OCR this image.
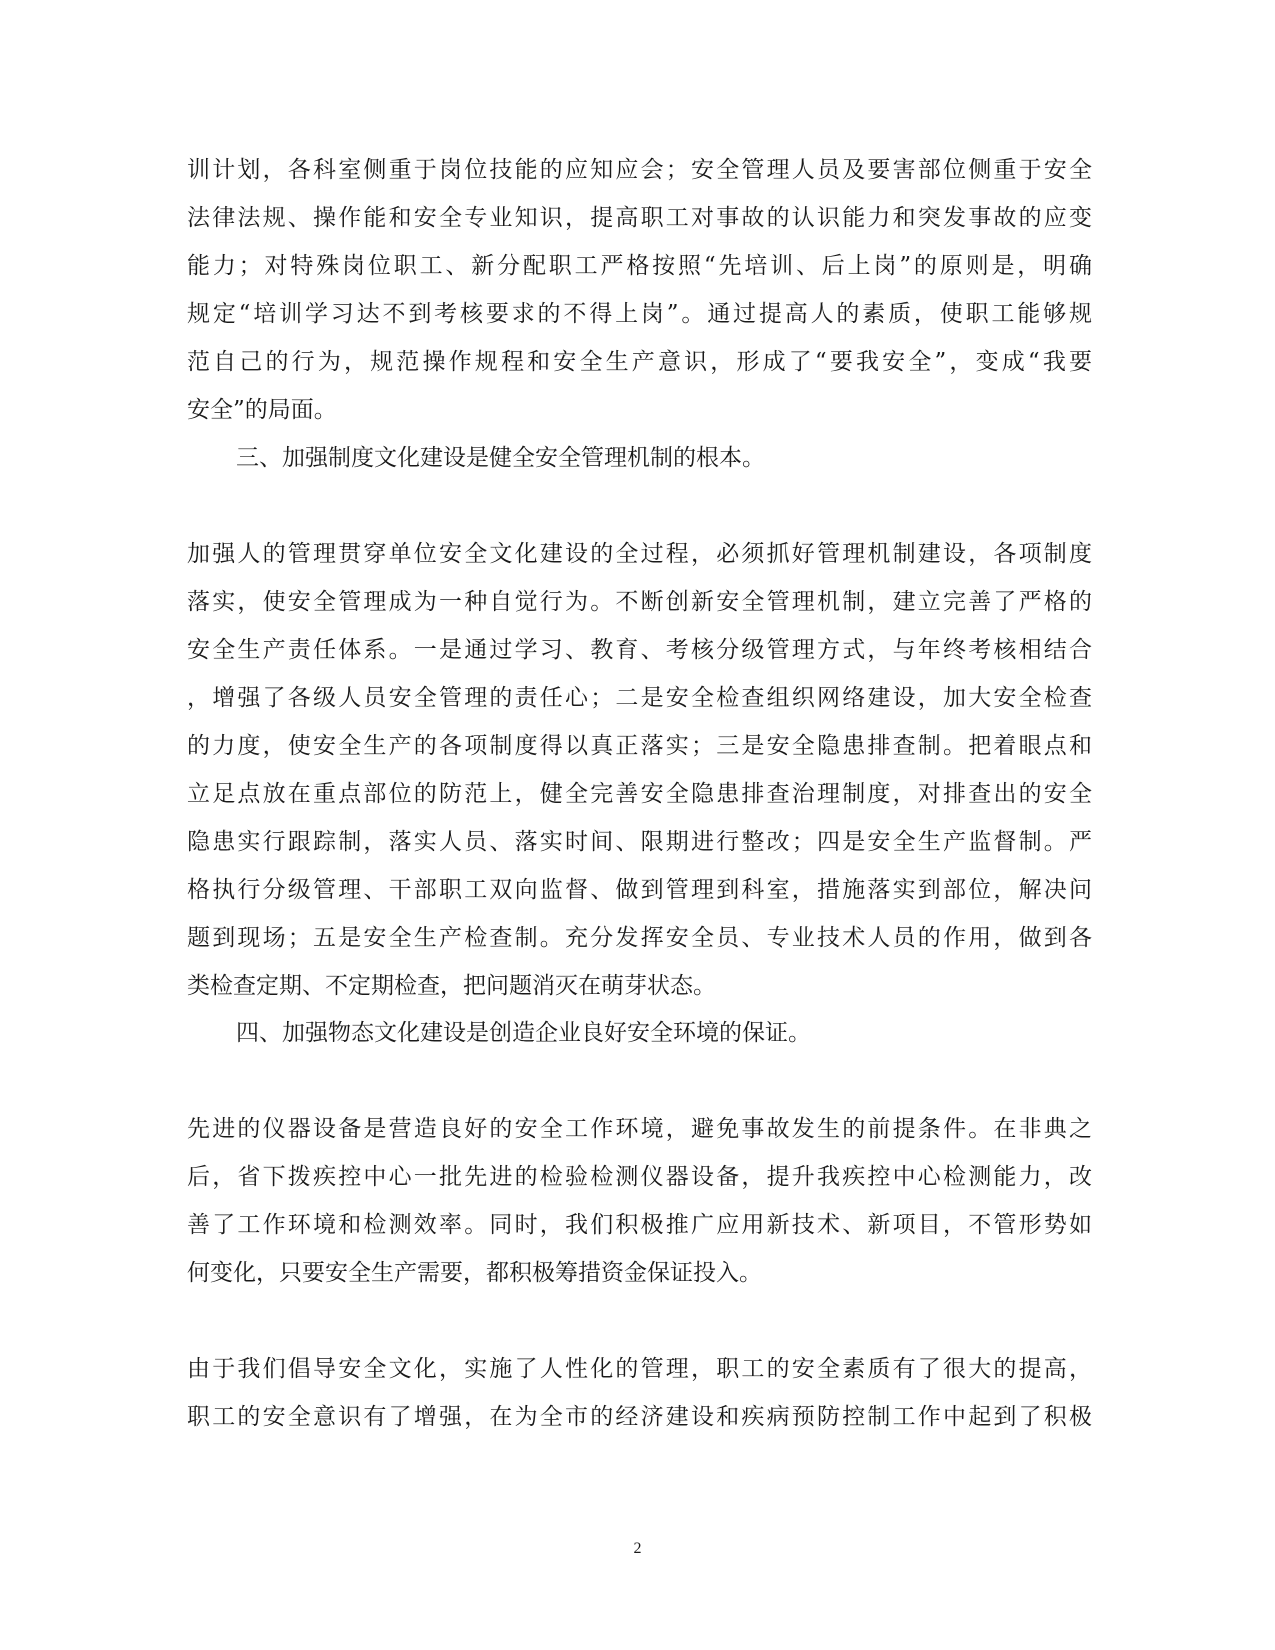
训计划，各科室侧重于岗位技能的应知应会；安全管理人员及要害部位侧重于安全
法律法规、操作能和安全专业知识，提高职工对事故的认识能力和突发事故的应变
能力；对特殊岗位职工、新分配职工严格按照“先培训、后上岗”的原则是，明确
规定“培训学习达不到考核要求的不得上岗”。通过提高人的素质，使职工能够规
范自己的行为，规范操作规程和安全生产意识，形成了“要我安全”，变成“我要
安全”的局面。
三、加强制度文化建设是健全安全管理机制的根本。
加强人的管理贯穿单位安全文化建设的全过程，必须抓好管理机制建设，各项制度
落实，使安全管理成为一种自觉行为。不断创新安全管理机制，建立完善了严格的
安全生产责任体系。一是通过学习、教育、考核分级管理方式，与年终考核相结合
，增强了各级人员安全管理的责任心；二是安全检查组织网络建设，加大安全检查
的力度，使安全生产的各项制度得以真正落实；三是安全隐患排查制。把着眼点和
立足点放在重点部位的防范上，健全完善安全隐患排查治理制度，对排查出的安全
隐患实行跟踪制，落实人员、落实时间、限期进行整改；四是安全生产监督制。严
格执行分级管理、干部职工双向监督、做到管理到科室，措施落实到部位，解决问
题到现场；五是安全生产检查制。充分发挥安全员、专业技术人员的作用，做到各
类检查定期、不定期检查，把问题消灭在萌芽状态。
四、加强物态文化建设是创造企业良好安全环境的保证。
先进的仪器设备是营造良好的安全工作环境，避免事故发生的前提条件。在非典之
后，省下拨疾控中心一批先进的检验检测仪器设备，提升我疾控中心检测能力，改
善了工作环境和检测效率。同时，我们积极推广应用新技术、新项目，不管形势如
何变化，只要安全生产需要，都积极筹措资金保证投入。
由于我们倡导安全文化，实施了人性化的管理，职工的安全素质有了很大的提高，
职工的安全意识有了增强，在为全市的经济建设和疾病预防控制工作中起到了积极
2
